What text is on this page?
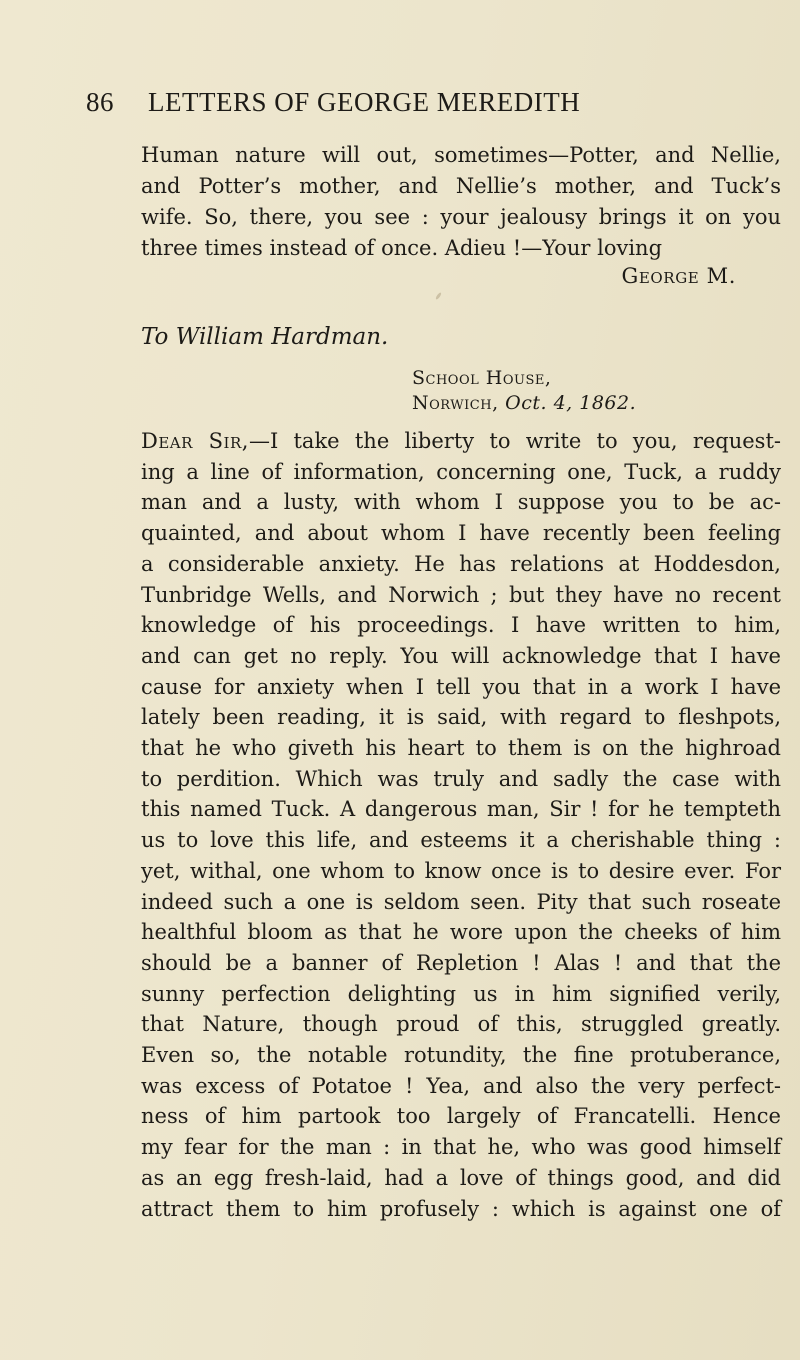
86 LETTERS OF GEORGE MEREDITH
Human nature will out, sometimes—Potter, and Nellie,
and Potter’s mother, and Nellie’s mother, and Tuck’s
wife. So, there, you see : your jealousy brings it on you
three times instead of once. Adieu !—Your loving
George M.
To William Hardman.
School House,
Norwich, Oct. 4, 1862.
Dear Sir,—I take the liberty to write to you, request-
ing a line of information, concerning one, Tuck, a ruddy
man and a lusty, with whom I suppose you to be ac-
quainted, and about whom I have recently been feeling
a considerable anxiety. He has relations at Hoddesdon,
Tunbridge Wells, and Norwich ; but they have no recent
knowledge of his proceedings. I have written to him,
and can get no reply. You will acknowledge that I have
cause for anxiety when I tell you that in a work I have
lately been reading, it is said, with regard to fleshpots,
that he who giveth his heart to them is on the highroad
to perdition. Which was truly and sadly the case with
this named Tuck. A dangerous man, Sir ! for he tempteth
us to love this life, and esteems it a cherishable thing :
yet, withal, one whom to know once is to desire ever. For
indeed such a one is seldom seen. Pity that such roseate
healthful bloom as that he wore upon the cheeks of him
should be a banner of Repletion ! Alas ! and that the
sunny perfection delighting us in him signified verily,
that Nature, though proud of this, struggled greatly.
Even so, the notable rotundity, the fine protuberance,
was excess of Potatoe ! Yea, and also the very perfect-
ness of him partook too largely of Francatelli. Hence
my fear for the man : in that he, who was good himself
as an egg fresh-laid, had a love of things good, and did
attract them to him profusely : which is against one of
